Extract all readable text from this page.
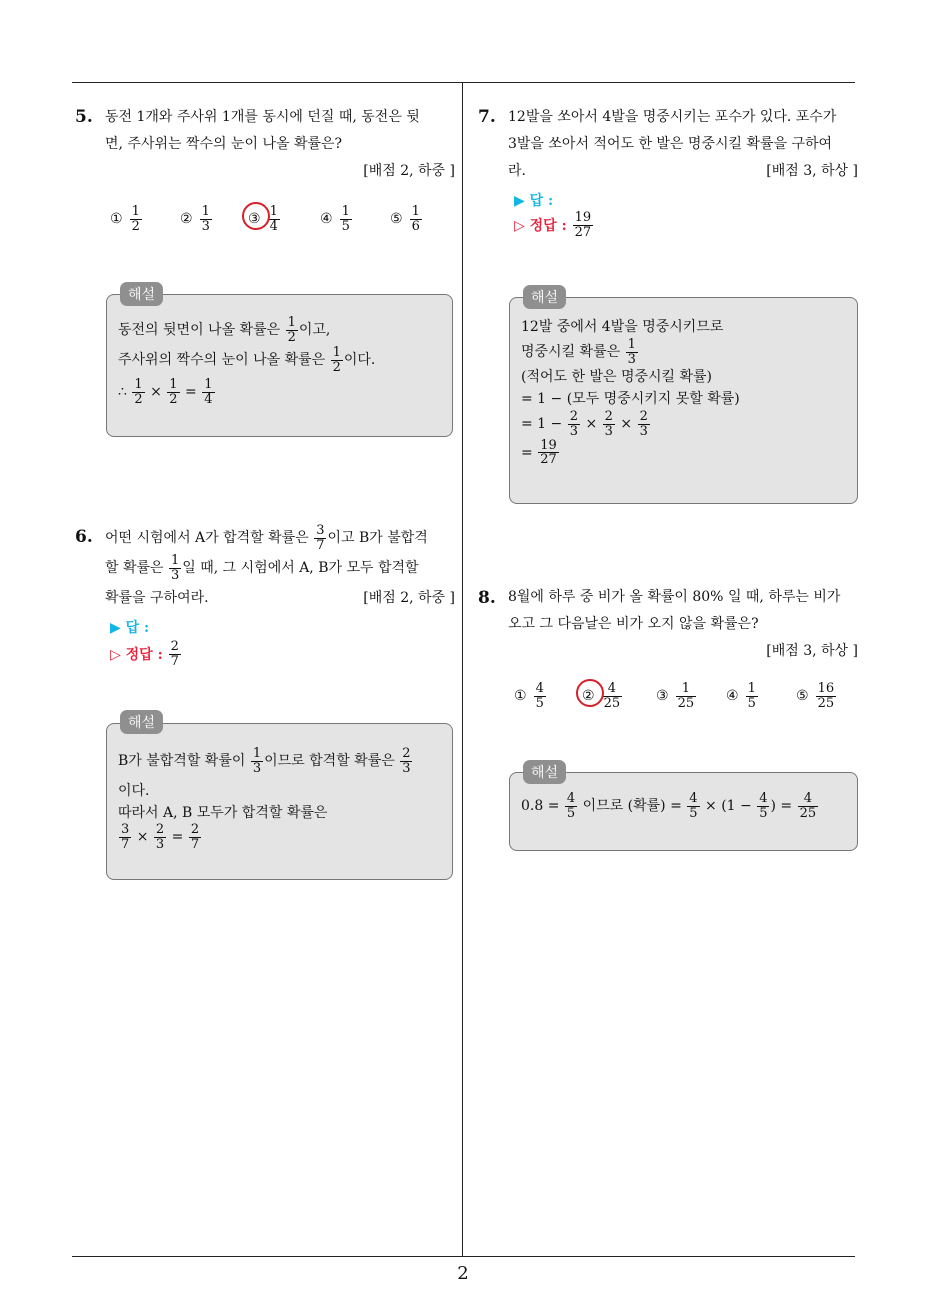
2
5. 동전 1개와 주사위 1개를 동시에 던질 때, 동전은 뒷
면, 주사위는 짝수의 눈이 나올 확률은?
[배점 2, 하중 ]
① $\frac{1}{2}$	② $\frac{1}{3}$	③ $\frac{1}{4}$	④ $\frac{1}{5}$	⑤ $\frac{1}{6}$
해설
동전의 뒷면이 나올 확률은 $\frac{1}{2}$ 이고,
주사위의 짝수의 눈이 나올 확률은 $\frac{1}{2}$ 이다.
∴ $\frac{1}{2} \times \frac{1}{2} = \frac{1}{4}$
6. 어떤 시험에서 A가 합격할 확률은 $\frac{3}{7}$ 이고 B가 불합격
할 확률은 $\frac{1}{3}$ 일 때, 그 시험에서 A, B가 모두 합격할
확률을 구하여라.	[배점 2, 하중 ]
▶ 답 :
▷ 정답 :
$\frac{2}{7}$
해설
B가 불합격할 확률이
$\frac{1}{3}$ 이므로 합격할 확률은
$\frac{2}{3}$
이다.
따라서 A, B 모두가 합격할 확률은
$\frac{3}{7} \times \frac{2}{3} = \frac{2}{7}$
7. 12발을 쏘아서 4발을 명중시키는 포수가 있다. 포수가
3발을 쏘아서 적어도 한 발은 명중시킬 확률을 구하여
라.	[배점 3, 하상 ]
▶ 답 :
▷ 정답 :
$\frac{19}{27}$
해설
12발 중에서 4발을 명중시키므로
명중시킬 확률은 $\frac{1}{3}$
(적어도 한 발은 명중시킬 확률)
= 1 − (모두 명중시키지 못할 확률)
= $1 - \frac{2}{3} \times \frac{2}{3} \times \frac{2}{3}$
= $\frac{19}{27}$
8. 8월에 하루 중 비가 올 확률이 80% 일 때, 하루는 비가
오고 그 다음날은 비가 오지 않을 확률은?
[배점 3, 하상 ]
① $\frac{4}{5}$	② $\frac{4}{25}$ ③ $\frac{1}{25}$ ④ $\frac{1}{5}$	⑤ $\frac{16}{25}$
해설
0.8 =
$\frac{4}{5}$
이므로 (확률) =
$\frac{4}{5}$
× (1 −
$\frac{4}{5}$ ) =
$\frac{4}{25}$
